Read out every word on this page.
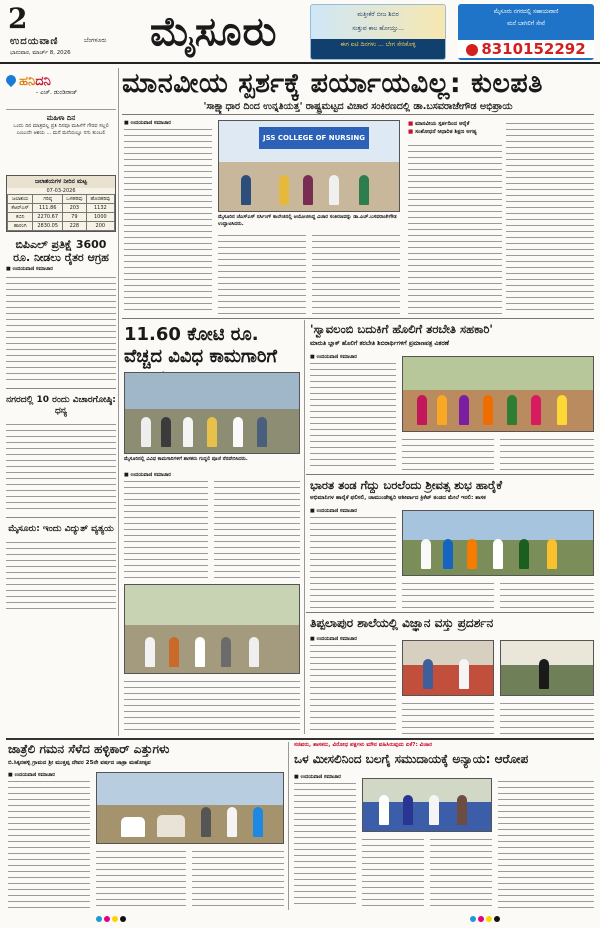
2
ಉದಯವಾಣಿ	ಬೆಂಗಳೂರು
ಭಾನುವಾರ, ಮಾರ್ಚ್ 8, 2026 ಮೈಸೂರು	ಮತ್ತೀಕೆರೆ ಬೀಜ ಶಿಬಿರ
ಸುತ್ತುವ ಕಾಲ ಹೋಯ್ತು...
ಈಗ ಐಟಿ ದಿನಗಳು ... ಬೇಗ ಸೇರಿಕೊಳ್ಳಿ
ಮೈಸೂರು ನಗರದಲ್ಲಿ ಸಹಾಯವಾಣಿ
ಮನೆ ಬಾಗಿಲಿಗೆ ಸೇವೆ
8310152292
ಹನಿದನಿ
- ಎಚ್. ಡುಂಡಿರಾಜ್
ಮಹಿಳಾ ದಿನ
ಒಂದು ದಿನ ಮಾತ್ರವಲ್ಲ ಪ್ರತಿ ದಿನವೂ ಮಹಿಳೆಗೆ ಗೌರವ ಸಲ್ಲಲಿ ಎಂಬುದೇ ಆಶಯ ... ಮನೆ ಮನೆಯಲ್ಲೂ ನಗು ತುಂಬಲಿ
ಜಲಾಶಯಗಳ ನೀರಿನ ಮಟ್ಟ
07-03-2026
ಜಲಾಶಯ	ಗರಿಷ್ಠ	ಒಳಹರಿವು	ಹೊರಹರಿವು
ಕೆಆರ್‌ಎಸ್	111.86	203	1132
ಕಬಿನಿ	2270.67	79	1000
ಹಾರಂಗಿ	2830.05	228	200
ಬಿಪಿಎಲ್ ಪ್ರತಿಕ್ಷೆ 3600 ರೂ. ನೀಡಲು ರೈತರ ಆಗ್ರಹ
■ ಉದಯವಾಣಿ ಸಮಾಚಾರ
ನಗರದಲ್ಲಿ 10 ರಂದು ವಿಚಾರಗೋಷ್ಠಿ: ಧನ್ಯ
ಮೈಸೂರು: ಇಂದು ವಿದ್ಯುತ್ ವ್ಯತ್ಯಯ
ಮಾನವೀಯ ಸ್ಪರ್ಶಕ್ಕೆ ಪರ್ಯಾಯವಿಲ್ಲ: ಕುಲಪತಿ
'ಸಾಕ್ಷ್ಯಾಧಾರ ದಿಂದ ಉನ್ನತಿಯತ್ತ' ರಾಷ್ಟ್ರಮಟ್ಟದ ವಿಚಾರ ಸಂಕಿರಣದಲ್ಲಿ ಡಾ.ಬಸವರಾಜೇಗೌಡ ಅಭಿಪ್ರಾಯ
■ ಉದಯವಾಣಿ ಸಮಾಚಾರ
JSS COLLEGE OF NURSING
ಮೈಸೂರಿನ ಜೆಎಸ್‌ಎಸ್ ನರ್ಸಿಂಗ್ ಕಾಲೇಜಿನಲ್ಲಿ ಆಯೋಜಿಸಿದ್ದ ವಿಚಾರ ಸಂಕಿರಣವನ್ನು ಡಾ.ಎಚ್.ಬಸವರಾಜೇಗೌಡ ಉದ್ಘಾಟಿಸಿದರು.
■ ಮಾನವೀಯ ಸ್ಪರ್ಶದಿಂದ ಆರೈಕೆ
■ ಸಂಶೋಧನೆ ಆಧಾರಿತ ಶಿಕ್ಷಣ ಅಗತ್ಯ
11.60 ಕೋಟಿ ರೂ. ವೆಚ್ಚದ ವಿವಿಧ ಕಾಮಗಾರಿಗೆ
ಮೈಸೂರಿನಲ್ಲಿ ವಿವಿಧ ಕಾಮಗಾರಿಗಳಿಗೆ ಶಾಸಕರು ಗುದ್ದಲಿ ಪೂಜೆ ನೆರವೇರಿಸಿದರು.
■ ಉದಯವಾಣಿ ಸಮಾಚಾರ
'ಸ್ವಾವಲಂಬಿ ಬದುಕಿಗೆ ಹೊಲಿಗೆ ತರಬೇತಿ ಸಹಕಾರಿ'
ಮಾರುತಿ ಬ್ಲಾಕ್ ಹೊಲಿಗೆ ತರಬೇತಿ ಶಿಬಿರಾರ್ಥಿಗಳಿಗೆ ಪ್ರಮಾಣಪತ್ರ ವಿತರಣೆ
■ ಉದಯವಾಣಿ ಸಮಾಚಾರ
ಭಾರತ ತಂಡ ಗೆದ್ದು ಬರಲೆಂದು ಶ್ರೀವತ್ಸ ಶುಭ ಹಾರೈಕೆ
ಅಭಿಮಾನಿಗಳ ಹಾರೈಕೆ ಫಲಿಸಲಿ, ಚಾಮುಂಡೇಶ್ವರಿ ಆಶೀರ್ವಾದ ಕ್ರಿಕೆಟ್ ತಂಡದ ಮೇಲೆ ಇರಲಿ: ಶಾಸಕ
■ ಉದಯವಾಣಿ ಸಮಾಚಾರ
ತಿಪ್ಪಲಾಪುರ ಶಾಲೆಯಲ್ಲಿ ವಿಜ್ಞಾನ ವಸ್ತು ಪ್ರದರ್ಶನ
■ ಉದಯವಾಣಿ ಸಮಾಚಾರ
ಜಾತ್ರೆಲಿ ಗಮನ ಸೆಳೆದ ಹಳ್ಳಿಕಾರ್ ಎತ್ತುಗಳು
ಬಿ.ಸಿಕ್ಕನಹಳ್ಳಿ ಗ್ರಾಮದ ಶ್ರೀ ಮುತ್ತಪ್ಪ ದೇವರ 25ನೇ ವರ್ಷದ ಜಾತ್ರಾ ಮಹೋತ್ಸವ
■ ಉದಯವಾಣಿ ಸಮಾಚಾರ
ಸಚಿವರು, ಶಾಸಕರು, ವಿರೋಧ ಪಕ್ಷಗಳು ಮೌನ ವಹಿಸಿರುವುದು ಏಕೆ?: ವಿಚಾರ
ಒಳ ಮೀಸಲಿನಿಂದ ಬಲಗೈ ಸಮುದಾಯಕ್ಕೆ ಅನ್ಯಾಯ: ಆರೋಪ
■ ಉದಯವಾಣಿ ಸಮಾಚಾರ
